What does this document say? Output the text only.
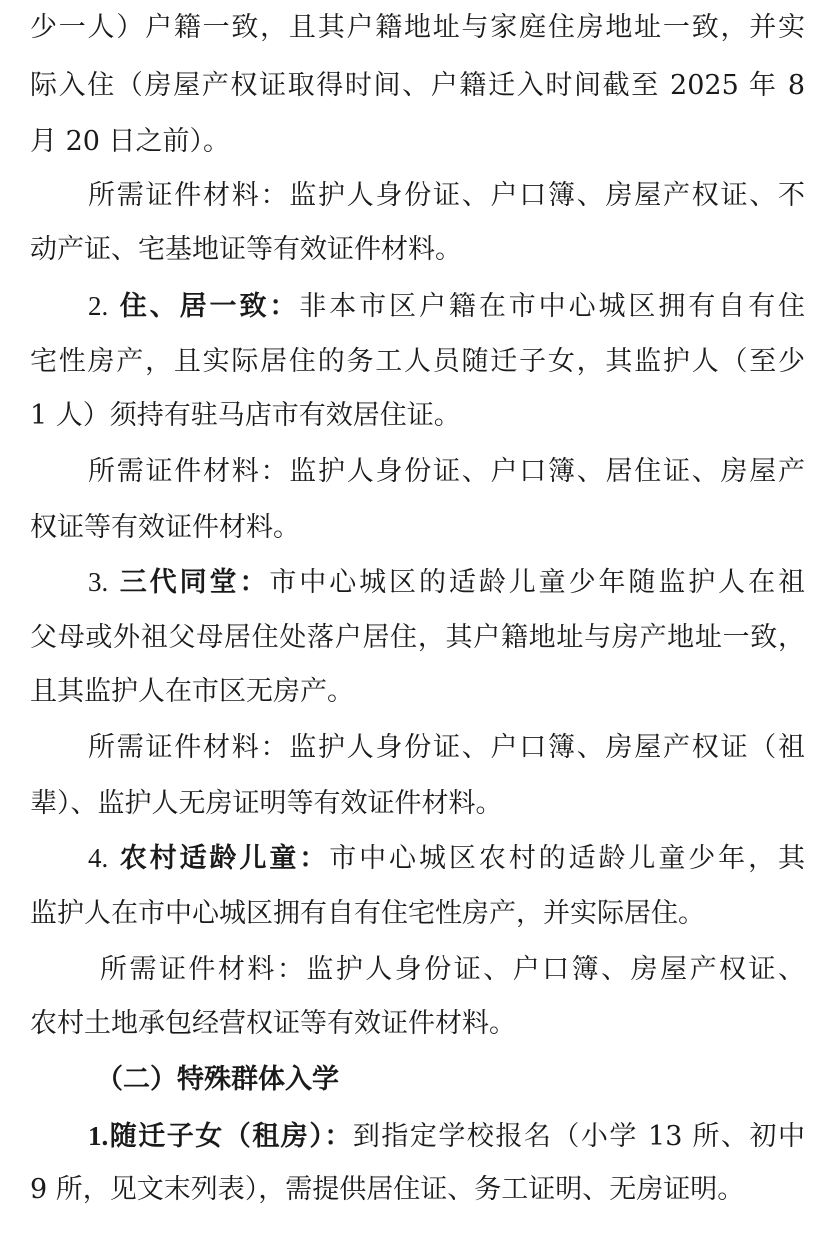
少一人）户籍一致，且其户籍地址与家庭住房地址一致，并实
际入住（房屋产权证取得时间、户籍迁入时间截至 2025 年 8
月 20 日之前）。
所需证件材料：监护人身份证、户口簿、房屋产权证、不
动产证、宅基地证等有效证件材料。
2. 住、居一致：非本市区户籍在市中心城区拥有自有住
宅性房产，且实际居住的务工人员随迁子女，其监护人（至少
1 人）须持有驻马店市有效居住证。
所需证件材料：监护人身份证、户口簿、居住证、房屋产
权证等有效证件材料。
3. 三代同堂：市中心城区的适龄儿童少年随监护人在祖
父母或外祖父母居住处落户居住，其户籍地址与房产地址一致，
且其监护人在市区无房产。
所需证件材料：监护人身份证、户口簿、房屋产权证（祖
辈）、监护人无房证明等有效证件材料。
4. 农村适龄儿童：市中心城区农村的适龄儿童少年，其
监护人在市中心城区拥有自有住宅性房产，并实际居住。
所需证件材料：监护人身份证、户口簿、房屋产权证、
农村土地承包经营权证等有效证件材料。
（二）特殊群体入学
1.随迁子女（租房）：到指定学校报名（小学 13 所、初中
9 所，见文末列表），需提供居住证、务工证明、无房证明。
